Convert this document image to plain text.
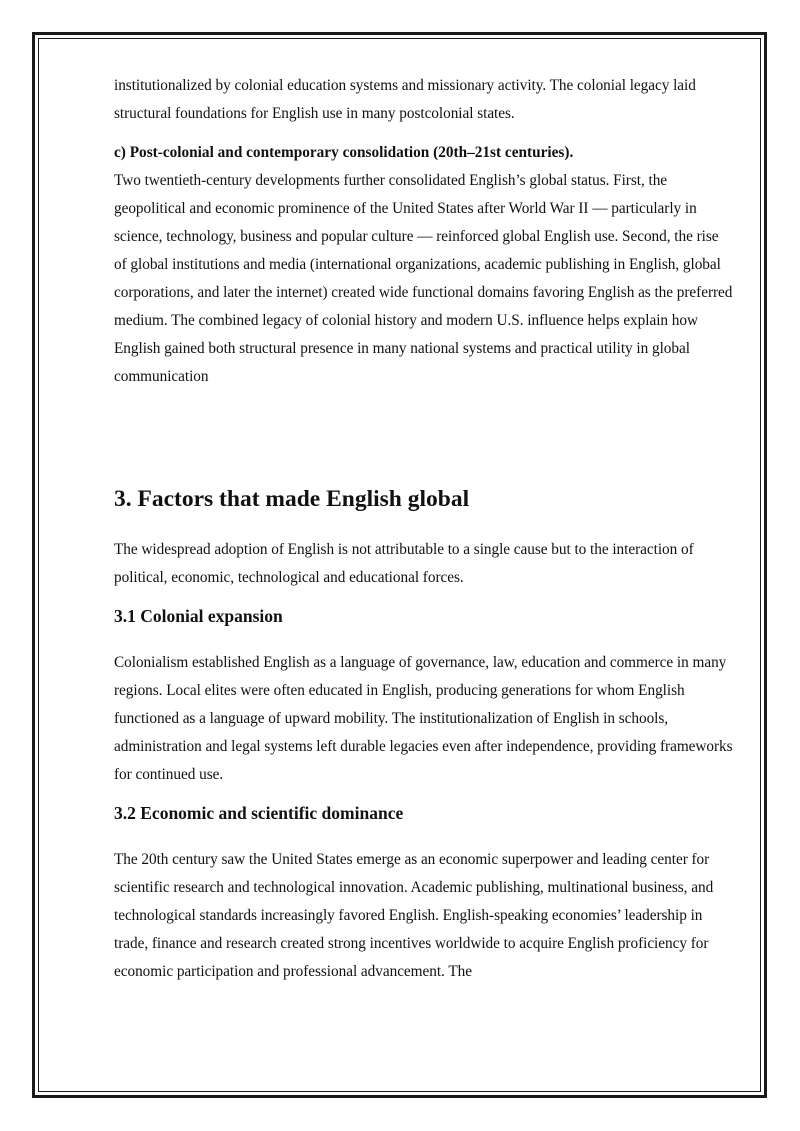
institutionalized by colonial education systems and missionary activity. The colonial legacy laid structural foundations for English use in many postcolonial states.

c) Post-colonial and contemporary consolidation (20th–21st centuries).

Two twentieth-century developments further consolidated English’s global status. First, the geopolitical and economic prominence of the United States after World War II — particularly in science, technology, business and popular culture — reinforced global English use. Second, the rise of global institutions and media (international organizations, academic publishing in English, global corporations, and later the internet) created wide functional domains favoring English as the preferred medium. The combined legacy of colonial history and modern U.S. influence helps explain how English gained both structural presence in many national systems and practical utility in global communication

3. Factors that made English global

The widespread adoption of English is not attributable to a single cause but to the interaction of political, economic, technological and educational forces.

3.1 Colonial expansion

Colonialism established English as a language of governance, law, education and commerce in many regions. Local elites were often educated in English, producing generations for whom English functioned as a language of upward mobility. The institutionalization of English in schools, administration and legal systems left durable legacies even after independence, providing frameworks for continued use.

3.2 Economic and scientific dominance

The 20th century saw the United States emerge as an economic superpower and leading center for scientific research and technological innovation. Academic publishing, multinational business, and technological standards increasingly favored English. English-speaking economies’ leadership in trade, finance and research created strong incentives worldwide to acquire English proficiency for economic participation and professional advancement. The
